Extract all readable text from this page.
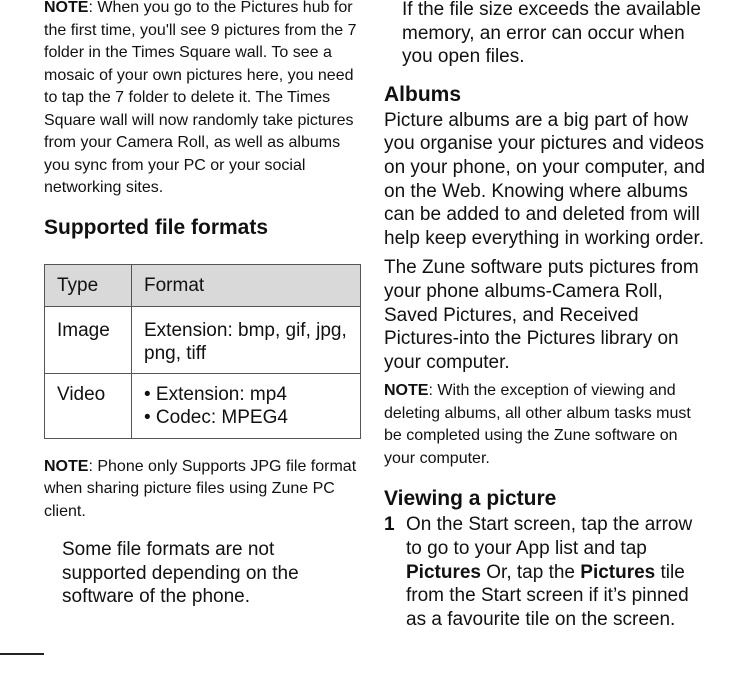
NOTE: When you go to the Pictures hub for the first time, you'll see 9 pictures from the 7 folder in the Times Square wall. To see a mosaic of your own pictures here, you need to tap the 7 folder to delete it. The Times Square wall will now randomly take pictures from your Camera Roll, as well as albums you sync from your PC or your social networking sites.

Supported file formats
Type	Format
Image	Extension: bmp, gif, jpg, png, tiff
Video	• Extension: mp4
• Codec: MPEG4

NOTE: Phone only Supports JPG file format when sharing picture files using Zune PC client.

Some file formats are not supported depending on the software of the phone.

If the file size exceeds the available memory, an error can occur when you open files.

Albums

Picture albums are a big part of how you organise your pictures and videos on your phone, on your computer, and on the Web. Knowing where albums can be added to and deleted from will help keep everything in working order.

The Zune software puts pictures from your phone albums-Camera Roll, Saved Pictures, and Received Pictures-into the Pictures library on your computer.

NOTE: With the exception of viewing and deleting albums, all other album tasks must be completed using the Zune software on your computer.

Viewing a picture
1 On the Start screen, tap the arrow to go to your App list and tap Pictures Or, tap the Pictures tile from the Start screen if it’s pinned as a favourite tile on the screen.
